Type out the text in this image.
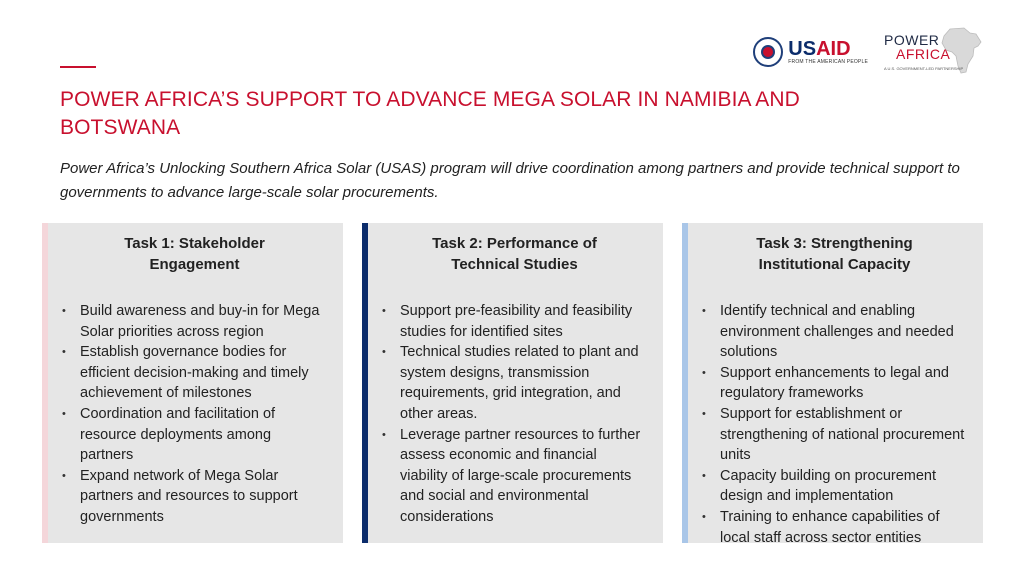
POWER AFRICA’S SUPPORT TO ADVANCE MEGA SOLAR IN NAMIBIA AND BOTSWANA
Power Africa’s Unlocking Southern Africa Solar (USAS) program will drive coordination among partners and provide technical support to governments to advance large-scale solar procurements.
USAID
FROM THE AMERICAN PEOPLE
POWER
AFRICA
A U.S. GOVERNMENT-LED PARTNERSHIP
Task 1: Stakeholder Engagement
• Build awareness and buy-in for Mega Solar priorities across region
• Establish governance bodies for efficient decision-making and timely achievement of milestones
• Coordination and facilitation of resource deployments among partners
• Expand network of Mega Solar partners and resources to support governments
Task 2: Performance of Technical Studies
• Support pre-feasibility and feasibility studies for identified sites
• Technical studies related to plant and system designs, transmission requirements, grid integration, and other areas.
• Leverage partner resources to further assess economic and financial viability of large-scale procurements and social and environmental considerations
Task 3: Strengthening Institutional Capacity
• Identify technical and enabling environment challenges and needed solutions
• Support enhancements to legal and regulatory frameworks
• Support for establishment or strengthening of national procurement units
• Capacity building on procurement design and implementation
• Training to enhance capabilities of local staff across sector entities
